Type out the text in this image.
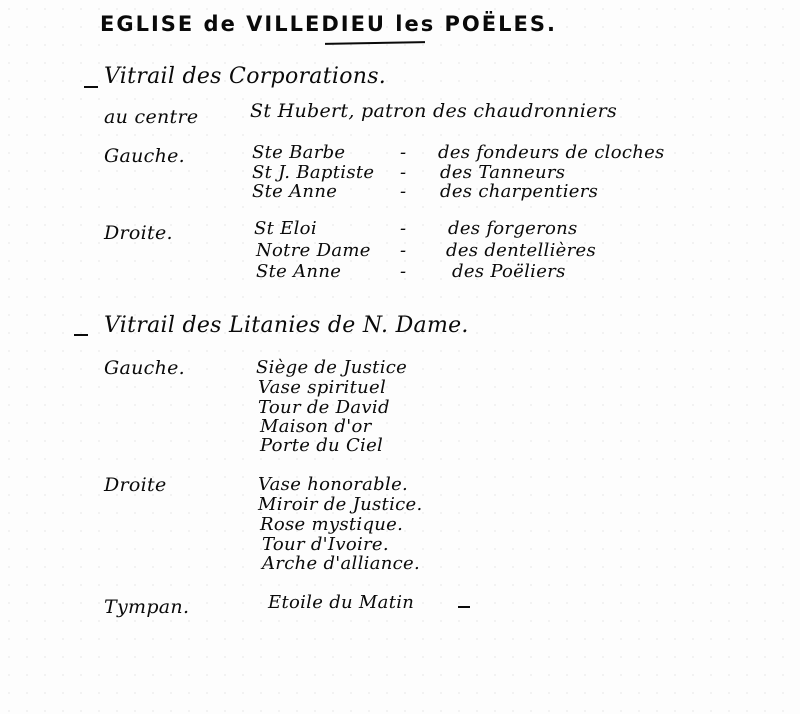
EGLISE de VILLEDIEU les POËLES.
Vitrail des Corporations.
au centre	St Hubert, patron des chaudronniers
Gauche.	Ste Barbe	- des fondeurs de cloches
St J. Baptiste - des Tanneurs
Ste Anne	- des charpentiers
Droite.	St Eloi	- des forgerons
Notre Dame - des dentellières
Ste Anne	-	des Poëliers
Vitrail des Litanies de N. Dame.
Gauche.	Siège de Justice
Vase spirituel
Tour de David
Maison d'or
Porte du Ciel
Droite	Vase honorable.
Miroir de Justice.
Rose mystique.
Tour d'Ivoire.
Arche d'alliance.
Tympan.	Etoile du Matin
